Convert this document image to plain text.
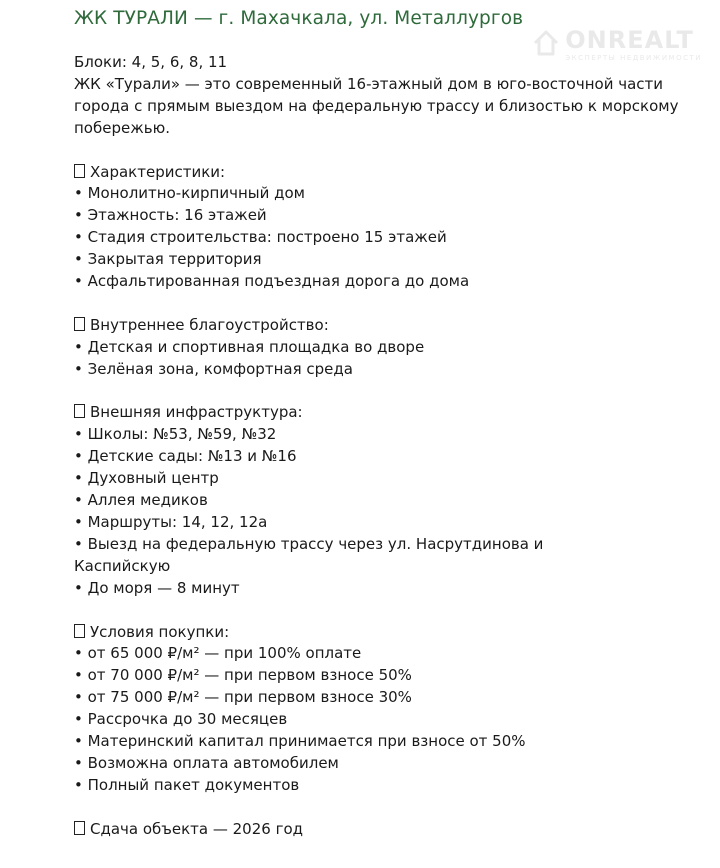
ЖК ТУРАЛИ — г. Махачкала, ул. Металлургов
ONREALT
ЭКСПЕРТЫ НЕДВИЖИМОСТИ
Блоки: 4, 5, 6, 8, 11
ЖК «Турали» — это современный 16-этажный дом в юго-восточной части города с прямым выездом на федеральную трассу и близостью к морскому побережью.
Характеристики:
• Монолитно-кирпичный дом
• Этажность: 16 этажей
• Стадия строительства: построено 15 этажей
• Закрытая территория
• Асфальтированная подъездная дорога до дома
Внутреннее благоустройство:
• Детская и спортивная площадка во дворе
• Зелёная зона, комфортная среда
Внешняя инфраструктура:
• Школы: №53, №59, №32
• Детские сады: №13 и №16
• Духовный центр
• Аллея медиков
• Маршруты: 14, 12, 12а
• Выезд на федеральную трассу через ул. Насрутдинова и
Каспийскую
• До моря — 8 минут
Условия покупки:
• от 65 000 ₽/м² — при 100% оплате
• от 70 000 ₽/м² — при первом взносе 50%
• от 75 000 ₽/м² — при первом взносе 30%
• Рассрочка до 30 месяцев
• Материнский капитал принимается при взносе от 50%
• Возможна оплата автомобилем
• Полный пакет документов
Сдача объекта — 2026 год
